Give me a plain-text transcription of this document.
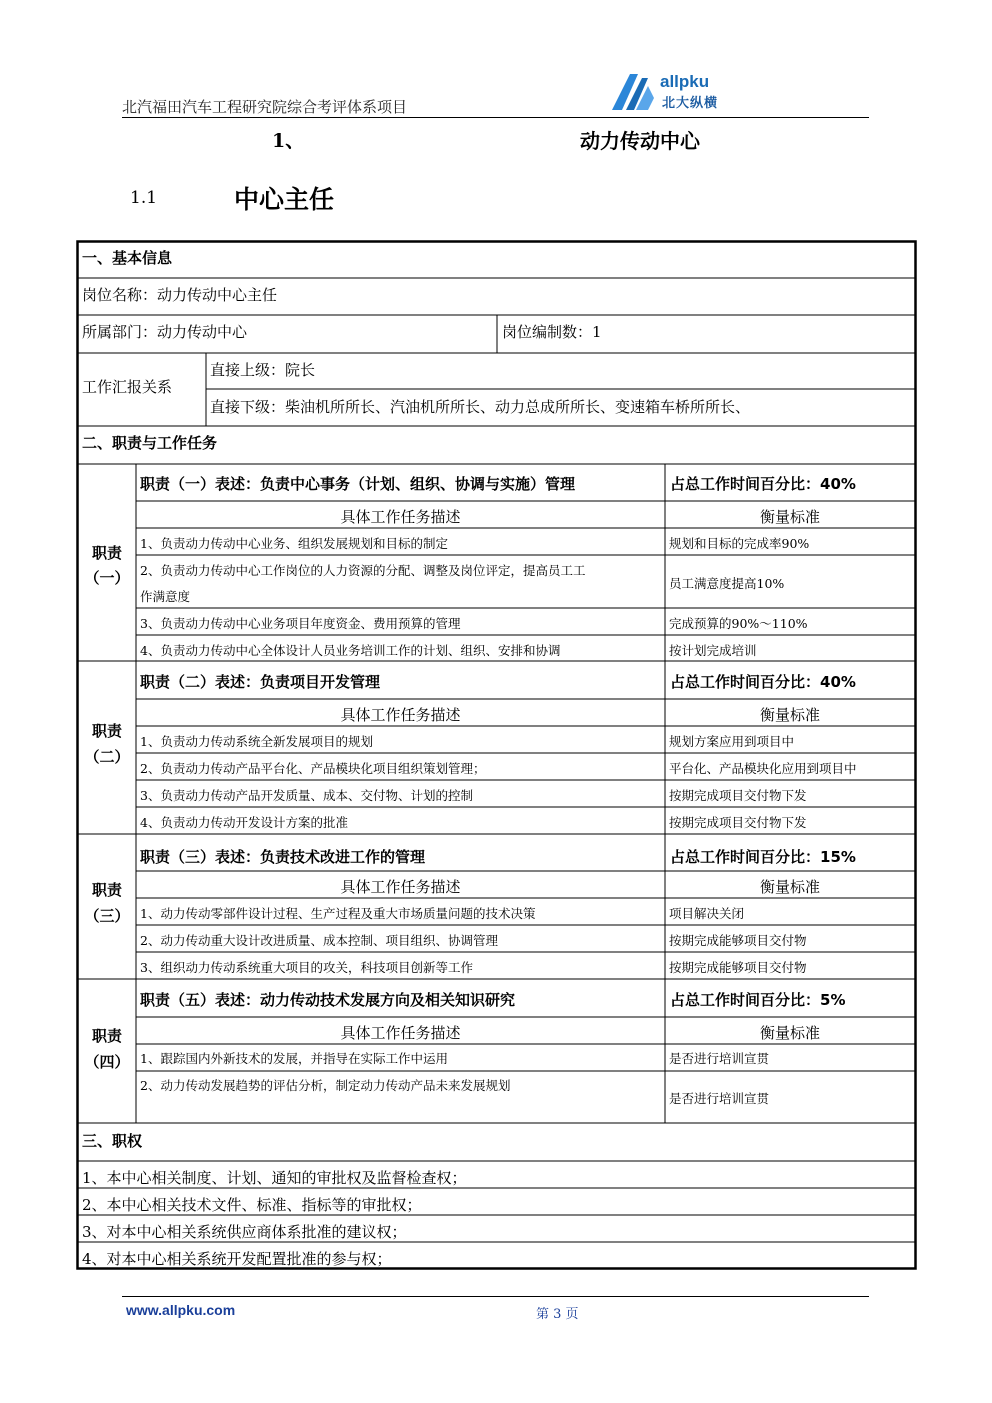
北汽福田汽车工程研究院综合考评体系项目
allpku
北大纵横
1、	动力传动中心
1.1	中心主任
一、基本信息
岗位名称：动力传动中心主任
所属部门：动力传动中心	岗位编制数：1
工作汇报关系
直接上级：院长
直接下级：柴油机所所长、汽油机所所长、动力总成所所长、变速箱车桥所所长、
二、职责与工作任务
职责
（一）
职责（一）表述：负责中心事务（计划、组织、协调与实施）管理	占总工作时间百分比：40%
具体工作任务描述	衡量标准
1、负责动力传动中心业务、组织发展规划和目标的制定	规划和目标的完成率90%
2、负责动力传动中心工作岗位的人力资源的分配、调整及岗位评定，提高员工工
作满意度
员工满意度提高10%
3、负责动力传动中心业务项目年度资金、费用预算的管理	完成预算的90%～110%
4、负责动力传动中心全体设计人员业务培训工作的计划、组织、安排和协调	按计划完成培训
职责
（二）
职责（二）表述：负责项目开发管理	占总工作时间百分比：40%
具体工作任务描述	衡量标准
1、负责动力传动系统全新发展项目的规划	规划方案应用到项目中
2、负责动力传动产品平台化、产品模块化项目组织策划管理；	平台化、产品模块化应用到项目中
3、负责动力传动产品开发质量、成本、交付物、计划的控制	按期完成项目交付物下发
4、负责动力传动开发设计方案的批准	按期完成项目交付物下发
职责
（三）
职责（三）表述：负责技术改进工作的管理	占总工作时间百分比：15%
具体工作任务描述	衡量标准
1、动力传动零部件设计过程、生产过程及重大市场质量问题的技术决策	项目解决关闭
2、动力传动重大设计改进质量、成本控制、项目组织、协调管理	按期完成能够项目交付物
3、组织动力传动系统重大项目的攻关，科技项目创新等工作	按期完成能够项目交付物
职责
（四）
职责（五）表述：动力传动技术发展方向及相关知识研究	占总工作时间百分比：5%
具体工作任务描述	衡量标准
1、跟踪国内外新技术的发展，并指导在实际工作中运用	是否进行培训宣贯
2、动力传动发展趋势的评估分析，制定动力传动产品未来发展规划
是否进行培训宣贯
三、职权
1、本中心相关制度、计划、通知的审批权及监督检查权；
2、本中心相关技术文件、标准、指标等的审批权；
3、对本中心相关系统供应商体系批准的建议权；
4、对本中心相关系统开发配置批准的参与权；
www.allpku.com	第 3 页
